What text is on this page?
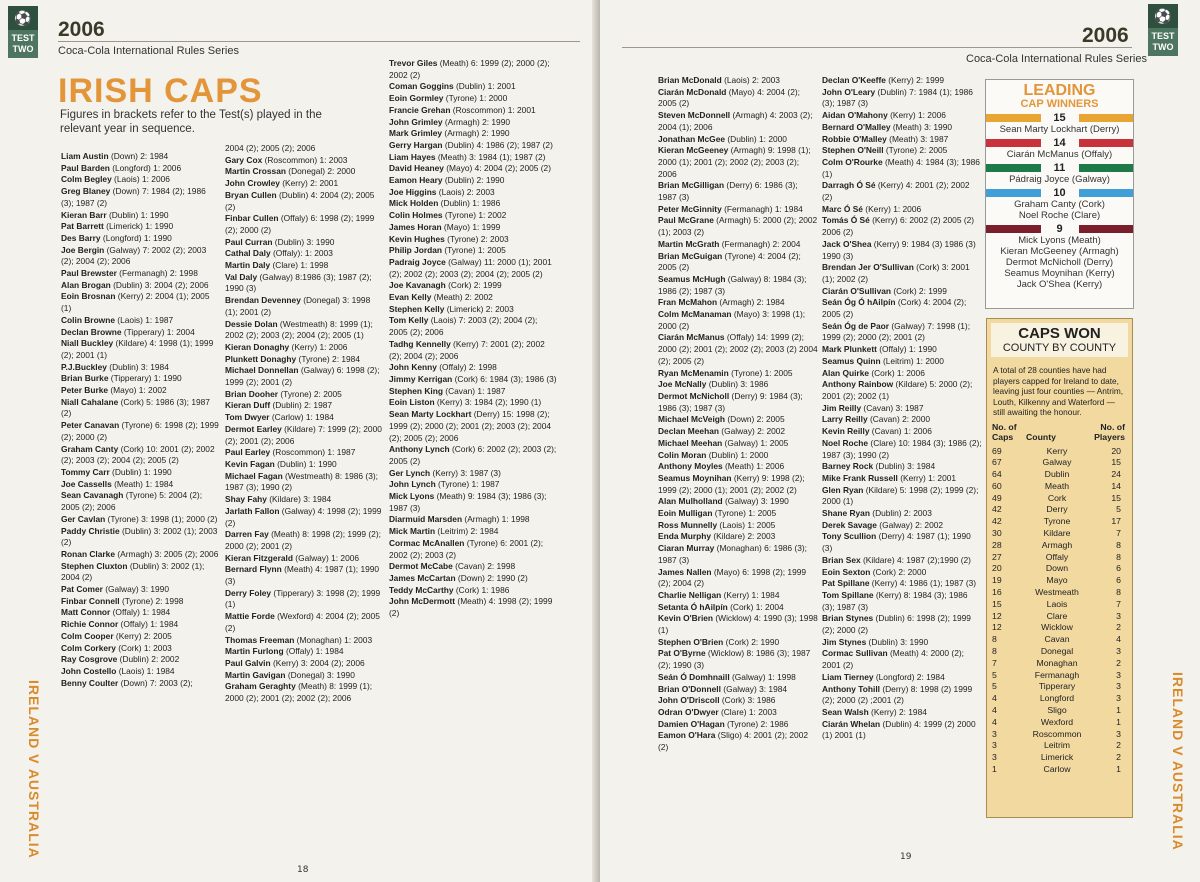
⚽
TEST TWO
2006
Coca-Cola International Rules Series
IRISH CAPS
Figures in brackets refer to the Test(s) played in the relevant year in sequence.
Liam Austin (Down) 2: 1984
Paul Barden (Longford) 1: 2006
Colm Begley (Laois) 1: 2006
Greg Blaney (Down) 7: 1984 (2); 1986 (3); 1987 (2)
Kieran Barr (Dublin) 1: 1990
Pat Barrett (Limerick) 1: 1990
Des Barry (Longford) 1: 1990
Joe Bergin (Galway) 7: 2002 (2); 2003 (2); 2004 (2); 2006
Paul Brewster (Fermanagh) 2: 1998
Alan Brogan (Dublin) 3: 2004 (2); 2006
Eoin Brosnan (Kerry) 2: 2004 (1); 2005 (1)
Colin Browne (Laois) 1: 1987
Declan Browne (Tipperary) 1: 2004
Niall Buckley (Kildare) 4: 1998 (1); 1999 (2); 2001 (1)
P.J.Buckley (Dublin) 3: 1984
Brian Burke (Tipperary) 1: 1990
Peter Burke (Mayo) 1: 2002
Niall Cahalane (Cork) 5: 1986 (3); 1987 (2)
Peter Canavan (Tyrone) 6: 1998 (2); 1999 (2); 2000 (2)
Graham Canty (Cork) 10: 2001 (2); 2002 (2); 2003 (2); 2004 (2); 2005 (2)
Tommy Carr (Dublin) 1: 1990
Joe Cassells (Meath) 1: 1984
Sean Cavanagh (Tyrone) 5: 2004 (2); 2005 (2); 2006
Ger Cavlan (Tyrone) 3: 1998 (1); 2000 (2)
Paddy Christie (Dublin) 3: 2002 (1); 2003 (2)
Ronan Clarke (Armagh) 3: 2005 (2); 2006
Stephen Cluxton (Dublin) 3: 2002 (1); 2004 (2)
Pat Comer (Galway) 3: 1990
Finbar Connell (Tyrone) 2: 1998
Matt Connor (Offaly) 1: 1984
Richie Connor (Offaly) 1: 1984
Colm Cooper (Kerry) 2: 2005
Colm Corkery (Cork) 1: 2003
Ray Cosgrove (Dublin) 2: 2002
John Costello (Laois) 1: 1984
Benny Coulter (Down) 7: 2003 (2);
2004 (2); 2005 (2); 2006
Gary Cox (Roscommon) 1: 2003
Martin Crossan (Donegal) 2: 2000
John Crowley (Kerry) 2: 2001
Bryan Cullen (Dublin) 4: 2004 (2); 2005 (2)
Finbar Cullen (Offaly) 6: 1998 (2); 1999 (2); 2000 (2)
Paul Curran (Dublin) 3: 1990
Cathal Daly (Offaly): 1: 2003
Martin Daly (Clare) 1: 1998
Val Daly (Galway) 8:1986 (3); 1987 (2); 1990 (3)
Brendan Devenney (Donegal) 3: 1998 (1); 2001 (2)
Dessie Dolan (Westmeath) 8: 1999 (1); 2002 (2); 2003 (2); 2004 (2); 2005 (1)
Kieran Donaghy (Kerry) 1: 2006
Plunkett Donaghy (Tyrone) 2: 1984
Michael Donnellan (Galway) 6: 1998 (2); 1999 (2); 2001 (2)
Brian Dooher (Tyrone) 2: 2005
Kieran Duff (Dublin) 2: 1987
Tom Dwyer (Carlow) 1: 1984
Dermot Earley (Kildare) 7: 1999 (2); 2000 (2); 2001 (2); 2006
Paul Earley (Roscommon) 1: 1987
Kevin Fagan (Dublin) 1: 1990
Michael Fagan (Westmeath) 8: 1986 (3); 1987 (3); 1990 (2)
Shay Fahy (Kildare) 3: 1984
Jarlath Fallon (Galway) 4: 1998 (2); 1999 (2)
Darren Fay (Meath) 8: 1998 (2); 1999 (2); 2000 (2); 2001 (2)
Kieran Fitzgerald (Galway) 1: 2006
Bernard Flynn (Meath) 4: 1987 (1); 1990 (3)
Derry Foley (Tipperary) 3: 1998 (2); 1999 (1)
Mattie Forde (Wexford) 4: 2004 (2); 2005 (2)
Thomas Freeman (Monaghan) 1: 2003
Martin Furlong (Offaly) 1: 1984
Paul Galvin (Kerry) 3: 2004 (2); 2006
Martin Gavigan (Donegal) 3: 1990
Graham Geraghty (Meath) 8: 1999 (1); 2000 (2); 2001 (2); 2002 (2); 2006
Trevor Giles (Meath) 6: 1999 (2); 2000 (2); 2002 (2)
Coman Goggins (Dublin) 1: 2001
Eoin Gormley (Tyrone) 1: 2000
Francie Grehan (Roscommon) 1: 2001
John Grimley (Armagh) 2: 1990
Mark Grimley (Armagh) 2: 1990
Gerry Hargan (Dublin) 4: 1986 (2); 1987 (2)
Liam Hayes (Meath) 3: 1984 (1); 1987 (2)
David Heaney (Mayo) 4: 2004 (2); 2005 (2)
Eamon Heary (Dublin) 2: 1990
Joe Higgins (Laois) 2: 2003
Mick Holden (Dublin) 1: 1986
Colin Holmes (Tyrone) 1: 2002
James Horan (Mayo) 1: 1999
Kevin Hughes (Tyrone) 2: 2003
Philip Jordan (Tyrone) 1: 2005
Padraig Joyce (Galway) 11: 2000 (1); 2001 (2); 2002 (2); 2003 (2); 2004 (2); 2005 (2)
Joe Kavanagh (Cork) 2: 1999
Evan Kelly (Meath) 2: 2002
Stephen Kelly (Limerick) 2: 2003
Tom Kelly (Laois) 7: 2003 (2); 2004 (2); 2005 (2); 2006
Tadhg Kennelly (Kerry) 7: 2001 (2); 2002 (2); 2004 (2); 2006
John Kenny (Offaly) 2: 1998
Jimmy Kerrigan (Cork) 6: 1984 (3); 1986 (3)
Stephen King (Cavan) 1: 1987
Eoin Liston (Kerry) 3: 1984 (2); 1990 (1)
Sean Marty Lockhart (Derry) 15: 1998 (2); 1999 (2); 2000 (2); 2001 (2); 2003 (2); 2004 (2); 2005 (2); 2006
Anthony Lynch (Cork) 6: 2002 (2); 2003 (2); 2005 (2)
Ger Lynch (Kerry) 3: 1987 (3)
John Lynch (Tyrone) 1: 1987
Mick Lyons (Meath) 9: 1984 (3); 1986 (3); 1987 (3)
Diarmuid Marsden (Armagh) 1: 1998
Mick Martin (Leitrim) 2: 1984
Cormac McAnallen (Tyrone) 6: 2001 (2); 2002 (2); 2003 (2)
Dermot McCabe (Cavan) 2: 1998
James McCartan (Down) 2: 1990 (2)
Teddy McCarthy (Cork) 1: 1986
John McDermott (Meath) 4: 1998 (2); 1999 (2)
IRELAND V AUSTRALIA
18
⚽
TEST TWO
2006
Coca-Cola International Rules Series
Brian McDonald (Laois) 2: 2003
Ciarán McDonald (Mayo) 4: 2004 (2); 2005 (2)
Steven McDonnell (Armagh) 4: 2003 (2); 2004 (1); 2006
Jonathan McGee (Dublin) 1: 2000
Kieran McGeeney (Armagh) 9: 1998 (1); 2000 (1); 2001 (2); 2002 (2); 2003 (2); 2006
Brian McGilligan (Derry) 6: 1986 (3); 1987 (3)
Peter McGinnity (Fermanagh) 1: 1984
Paul McGrane (Armagh) 5: 2000 (2); 2002 (1); 2003 (2)
Martin McGrath (Fermanagh) 2: 2004
Brian McGuigan (Tyrone) 4: 2004 (2); 2005 (2)
Seamus McHugh (Galway) 8: 1984 (3); 1986 (2); 1987 (3)
Fran McMahon (Armagh) 2: 1984
Colm McManaman (Mayo) 3: 1998 (1); 2000 (2)
Ciarán McManus (Offaly) 14: 1999 (2); 2000 (2); 2001 (2); 2002 (2); 2003 (2) 2004 (2); 2005 (2)
Ryan McMenamin (Tyrone) 1: 2005
Joe McNally (Dublin) 3: 1986
Dermot McNicholl (Derry) 9: 1984 (3); 1986 (3); 1987 (3)
Michael McVeigh (Down) 2: 2005
Declan Meehan (Galway) 2: 2002
Michael Meehan (Galway) 1: 2005
Colin Moran (Dublin) 1: 2000
Anthony Moyles (Meath) 1: 2006
Seamus Moynihan (Kerry) 9: 1998 (2); 1999 (2); 2000 (1); 2001 (2); 2002 (2)
Alan Mulholland (Galway) 3: 1990
Eoin Mulligan (Tyrone) 1: 2005
Ross Munnelly (Laois) 1: 2005
Enda Murphy (Kildare) 2: 2003
Ciaran Murray (Monaghan) 6: 1986 (3); 1987 (3)
James Nallen (Mayo) 6: 1998 (2); 1999 (2); 2004 (2)
Charlie Nelligan (Kerry) 1: 1984
Setanta Ó hAilpín (Cork) 1: 2004
Kevin O'Brien (Wicklow) 4: 1990 (3); 1998 (1)
Stephen O'Brien (Cork) 2: 1990
Pat O'Byrne (Wicklow) 8: 1986 (3); 1987 (2); 1990 (3)
Seán Ó Domhnaill (Galway) 1: 1998
Brian O'Donnell (Galway) 3: 1984
John O'Driscoll (Cork) 3: 1986
Odran O'Dwyer (Clare) 1: 2003
Damien O'Hagan (Tyrone) 2: 1986
Eamon O'Hara (Sligo) 4: 2001 (2); 2002 (2)
Declan O'Keeffe (Kerry) 2: 1999
John O'Leary (Dublin) 7: 1984 (1); 1986 (3); 1987 (3)
Aidan O'Mahony (Kerry) 1: 2006
Bernard O'Malley (Meath) 3: 1990
Robbie O'Malley (Meath) 3: 1987
Stephen O'Neill (Tyrone) 2: 2005
Colm O'Rourke (Meath) 4: 1984 (3); 1986 (1)
Darragh Ó Sé (Kerry) 4: 2001 (2); 2002 (2)
Marc Ó Sé (Kerry) 1: 2006
Tomás Ó Sé (Kerry) 6: 2002 (2) 2005 (2) 2006 (2)
Jack O'Shea (Kerry) 9: 1984 (3) 1986 (3) 1990 (3)
Brendan Jer O'Sullivan (Cork) 3: 2001 (1); 2002 (2)
Ciarán O'Sullivan (Cork) 2: 1999
Seán Óg Ó hAilpín (Cork) 4: 2004 (2); 2005 (2)
Seán Óg de Paor (Galway) 7: 1998 (1); 1999 (2); 2000 (2); 2001 (2)
Mark Plunkett (Offaly) 1: 1990
Seamus Quinn (Leitrim) 1: 2000
Alan Quirke (Cork) 1: 2006
Anthony Rainbow (Kildare) 5: 2000 (2); 2001 (2); 2002 (1)
Jim Reilly (Cavan) 3: 1987
Larry Reilly (Cavan) 2: 2000
Kevin Reilly (Cavan) 1: 2006
Noel Roche (Clare) 10: 1984 (3); 1986 (2); 1987 (3); 1990 (2)
Barney Rock (Dublin) 3: 1984
Mike Frank Russell (Kerry) 1: 2001
Glen Ryan (Kildare) 5: 1998 (2); 1999 (2); 2000 (1)
Shane Ryan (Dublin) 2: 2003
Derek Savage (Galway) 2: 2002
Tony Scullion (Derry) 4: 1987 (1); 1990 (3)
Brian Sex (Kildare) 4: 1987 (2);1990 (2)
Eoin Sexton (Cork) 2: 2000
Pat Spillane (Kerry) 4: 1986 (1); 1987 (3)
Tom Spillane (Kerry) 8: 1984 (3); 1986 (3); 1987 (3)
Brian Stynes (Dublin) 6: 1998 (2); 1999 (2); 2000 (2)
Jim Stynes (Dublin) 3: 1990
Cormac Sullivan (Meath) 4: 2000 (2); 2001 (2)
Liam Tierney (Longford) 2: 1984
Anthony Tohill (Derry) 8: 1998 (2) 1999 (2); 2000 (2) ;2001 (2)
Sean Walsh (Kerry) 2: 1984
Ciarán Whelan (Dublin) 4: 1999 (2) 2000 (1) 2001 (1)	IRELAND V AUSTRALIA
19
LEADING
CAP WINNERS
15
Sean Marty Lockhart (Derry)
14
Ciarán McManus (Offaly)
11
Pádraig Joyce (Galway)
10
Graham Canty (Cork)
Noel Roche (Clare)
9
Mick Lyons (Meath)
Kieran McGeeney (Armagh)
Dermot McNicholl (Derry)
Seamus Moynihan (Kerry)
Jack O'Shea (Kerry)
CAPS WON
COUNTY BY COUNTY
A total of 28 counties have had players capped for Ireland to date, leaving just four counties — Antrim, Louth, Kilkenny and Waterford — still awaiting the honour.
No. of Caps	County	No. of Players
69	Kerry	20
67	Galway	15
64	Dublin	24
60	Meath	14
49	Cork	15
42	Derry	5
42	Tyrone	17
30	Kildare	7
28	Armagh	8
27	Offaly	8
20	Down	6
19	Mayo	6
16	Westmeath	8
15	Laois	7
12	Clare	3
12	Wicklow	2
8	Cavan	4
8	Donegal	3
7	Monaghan	2
5	Fermanagh	3
5	Tipperary	3
4	Longford	3
4	Sligo	1
4	Wexford	1
3	Roscommon	3
3	Leitrim	2
3	Limerick	2
1	Carlow	1
